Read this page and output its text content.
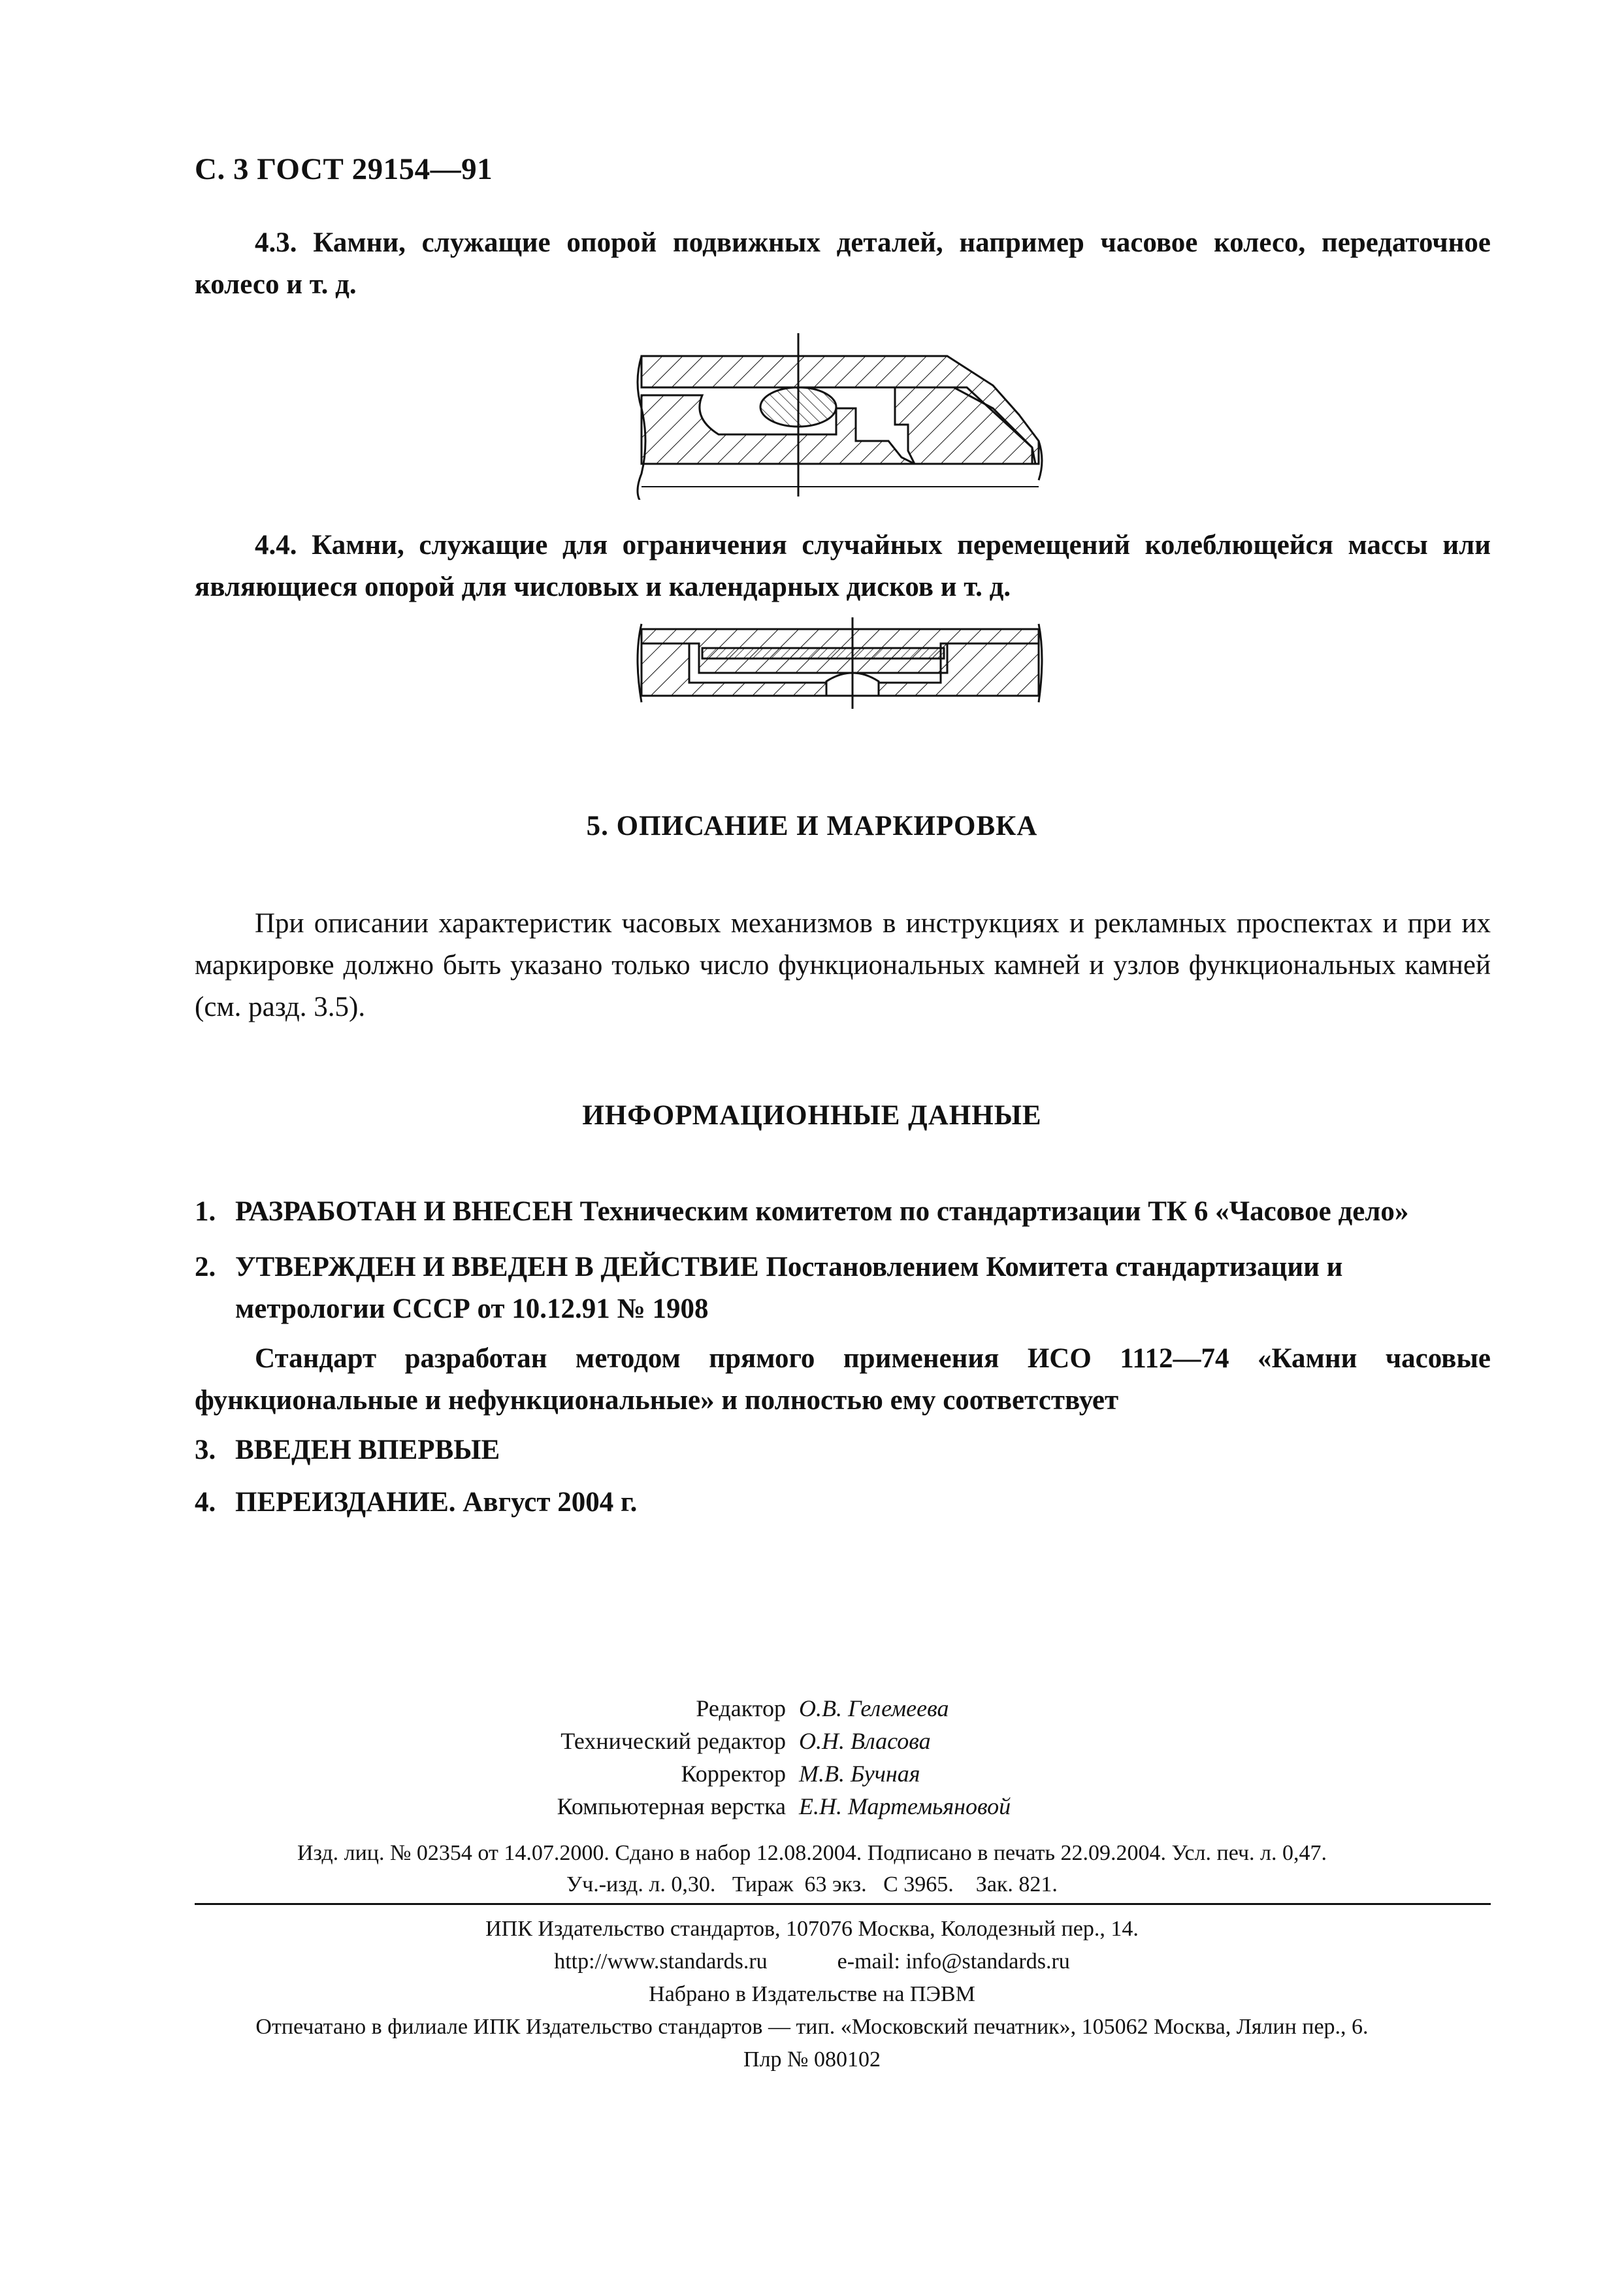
С. 3 ГОСТ 29154—91
4.3. Камни, служащие опорой подвижных деталей, например часовое колесо, передаточное колесо и т. д.
4.4. Камни, служащие для ограничения случайных перемещений колеблющейся массы или являющиеся опорой для числовых и календарных дисков и т. д.
5. ОПИСАНИЕ И МАРКИРОВКА
При описании характеристик часовых механизмов в инструкциях и рекламных проспектах и при их маркировке должно быть указано только число функциональных камней и узлов функциональных камней (см. разд. 3.5).
ИНФОРМАЦИОННЫЕ ДАННЫЕ
1. РАЗРАБОТАН И ВНЕСЕН Техническим комитетом по стандартизации ТК 6 «Часовое дело»
2. УТВЕРЖДЕН И ВВЕДЕН В ДЕЙСТВИЕ Постановлением Комитета стандартизации и метрологии СССР от 10.12.91 № 1908
Стандарт разработан методом прямого применения ИСО 1112—74 «Камни часовые функциональные и нефункциональные» и полностью ему соответствует
3. ВВЕДЕН ВПЕРВЫЕ
4. ПЕРЕИЗДАНИЕ. Август 2004 г.
Редактор О.В. Гелемеева
Технический редактор О.Н. Власова
Корректор М.В. Бучная
Компьютерная верстка Е.Н. Мартемьяновой
Изд. лиц. № 02354 от 14.07.2000. Сдано в набор 12.08.2004. Подписано в печать 22.09.2004. Усл. печ. л. 0,47.
Уч.-изд. л. 0,30.   Тираж  63 экз.   С 3965.    Зак. 821.
ИПК Издательство стандартов, 107076 Москва, Колодезный пер., 14.
http://www.standards.ru	e-mail: info@standards.ru
Набрано в Издательстве на ПЭВМ
Отпечатано в филиале ИПК Издательство стандартов — тип. «Московский печатник», 105062 Москва, Лялин пер., 6.
Плр № 080102
